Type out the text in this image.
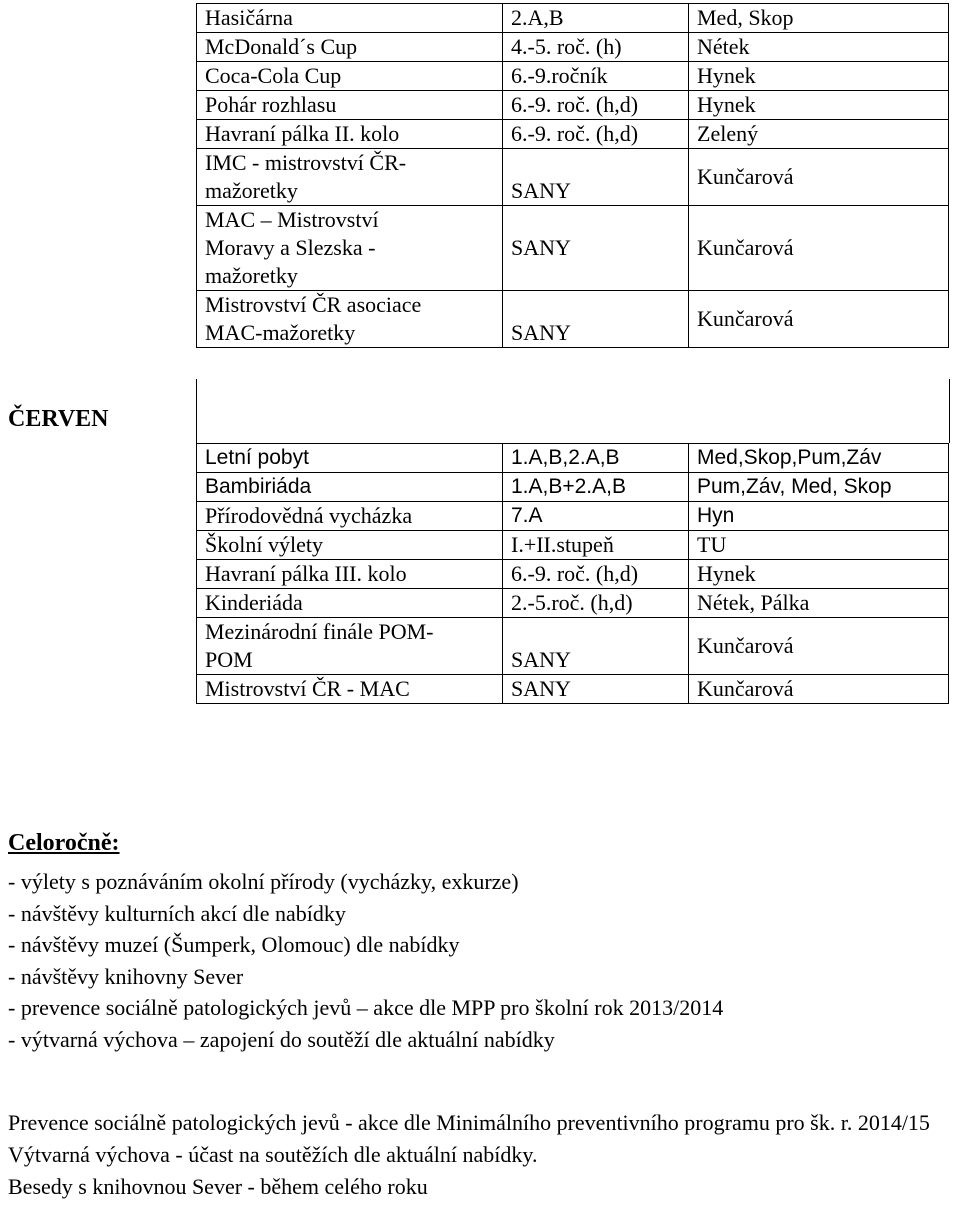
Hasičárna	2.A,B	Med, Skop
McDonald´s Cup	4.-5. roč. (h)	Nétek
Coca-Cola Cup	6.-9.ročník	Hynek
Pohár rozhlasu	6.-9. roč. (h,d)	Hynek
Havraní pálka II. kolo	6.-9. roč. (h,d)	Zelený
IMC - mistrovství ČR-
mažoretky	SANY	Kunčarová
MAC – Mistrovství
Moravy a Slezska -
mažoretky	SANY	Kunčarová
Mistrovství ČR asociace
MAC-mažoretky	SANY	Kunčarová
ČERVEN
Letní pobyt	1.A,B,2.A,B	Med,Skop,Pum,Záv
Bambiriáda	1.A,B+2.A,B	Pum,Záv, Med, Skop
Přírodovědná vycházka	7.A	Hyn
Školní výlety	I.+II.stupeň	TU
Havraní pálka III. kolo	6.-9. roč. (h,d)	Hynek
Kinderiáda	2.-5.roč. (h,d)	Nétek, Pálka
Mezinárodní finále POM-
POM	SANY	Kunčarová
Mistrovství ČR - MAC	SANY	Kunčarová
Celoročně:
- výlety s poznáváním okolní přírody (vycházky, exkurze)
- návštěvy kulturních akcí dle nabídky
- návštěvy muzeí (Šumperk, Olomouc) dle nabídky
- návštěvy knihovny Sever
- prevence sociálně patologických jevů – akce dle MPP pro školní rok 2013/2014
- výtvarná výchova – zapojení do soutěží dle aktuální nabídky

Prevence sociálně patologických jevů - akce dle Minimálního preventivního programu pro šk. r. 2014/15

Výtvarná výchova - účast na soutěžích dle aktuální nabídky.

Besedy s knihovnou Sever - během celého roku
